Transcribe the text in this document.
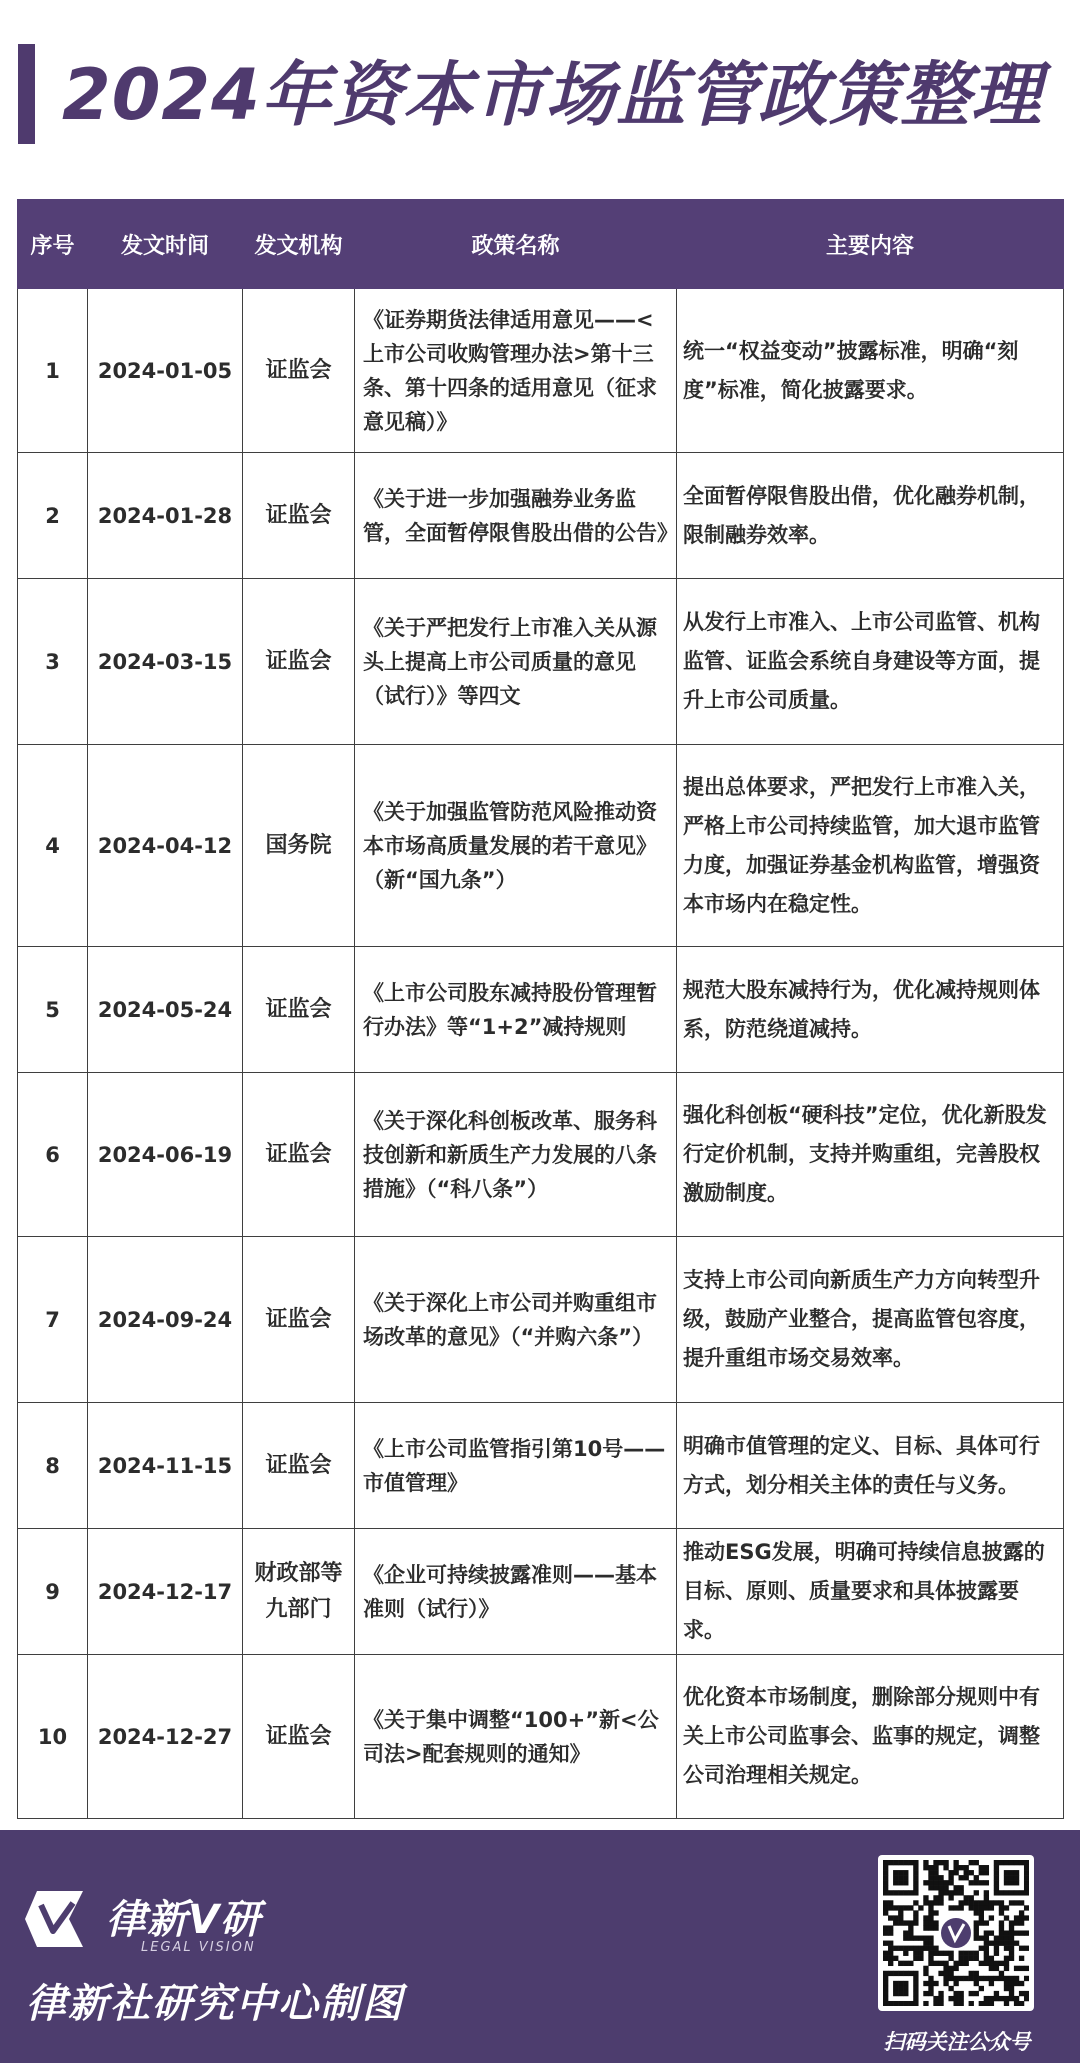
2024年资本市场监管政策整理
序号	发文时间	发文机构	政策名称	主要内容
1	2024-01-05	证监会	《证券期货法律适用意见——<上市公司收购管理办法>第十三条、第十四条的适用意见（征求意见稿）》	统一“权益变动”披露标准，明确“刻度”标准，简化披露要求。
2	2024-01-28	证监会	《关于进一步加强融券业务监管，全面暂停限售股出借的公告》	全面暂停限售股出借，优化融券机制，限制融券效率。
3	2024-03-15	证监会	《关于严把发行上市准入关从源头上提高上市公司质量的意见（试行）》等四文	从发行上市准入、上市公司监管、机构监管、证监会系统自身建设等方面，提升上市公司质量。
4	2024-04-12	国务院	《关于加强监管防范风险推动资本市场高质量发展的若干意见》（新“国九条”）	提出总体要求，严把发行上市准入关，严格上市公司持续监管，加大退市监管力度，加强证券基金机构监管，增强资本市场内在稳定性。
5	2024-05-24	证监会	《上市公司股东减持股份管理暂行办法》等“1+2”减持规则	规范大股东减持行为，优化减持规则体系，防范绕道减持。
6	2024-06-19	证监会	《关于深化科创板改革、服务科技创新和新质生产力发展的八条措施》（“科八条”）	强化科创板“硬科技”定位，优化新股发行定价机制，支持并购重组，完善股权激励制度。
7	2024-09-24	证监会	《关于深化上市公司并购重组市场改革的意见》（“并购六条”）	支持上市公司向新质生产力方向转型升级，鼓励产业整合，提高监管包容度，提升重组市场交易效率。
8	2024-11-15	证监会	《上市公司监管指引第10号——市值管理》	明确市值管理的定义、目标、具体可行方式，划分相关主体的责任与义务。
9	2024-12-17	财政部等九部门	《企业可持续披露准则——基本准则（试行）》	推动ESG发展，明确可持续信息披露的目标、原则、质量要求和具体披露要求。
10	2024-12-27	证监会	《关于集中调整“100+”新<公司法>配套规则的通知》	优化资本市场制度，删除部分规则中有关上市公司监事会、监事的规定，调整公司治理相关规定。
律新V研
LEGAL VISION
律新社研究中心制图
扫码关注公众号
